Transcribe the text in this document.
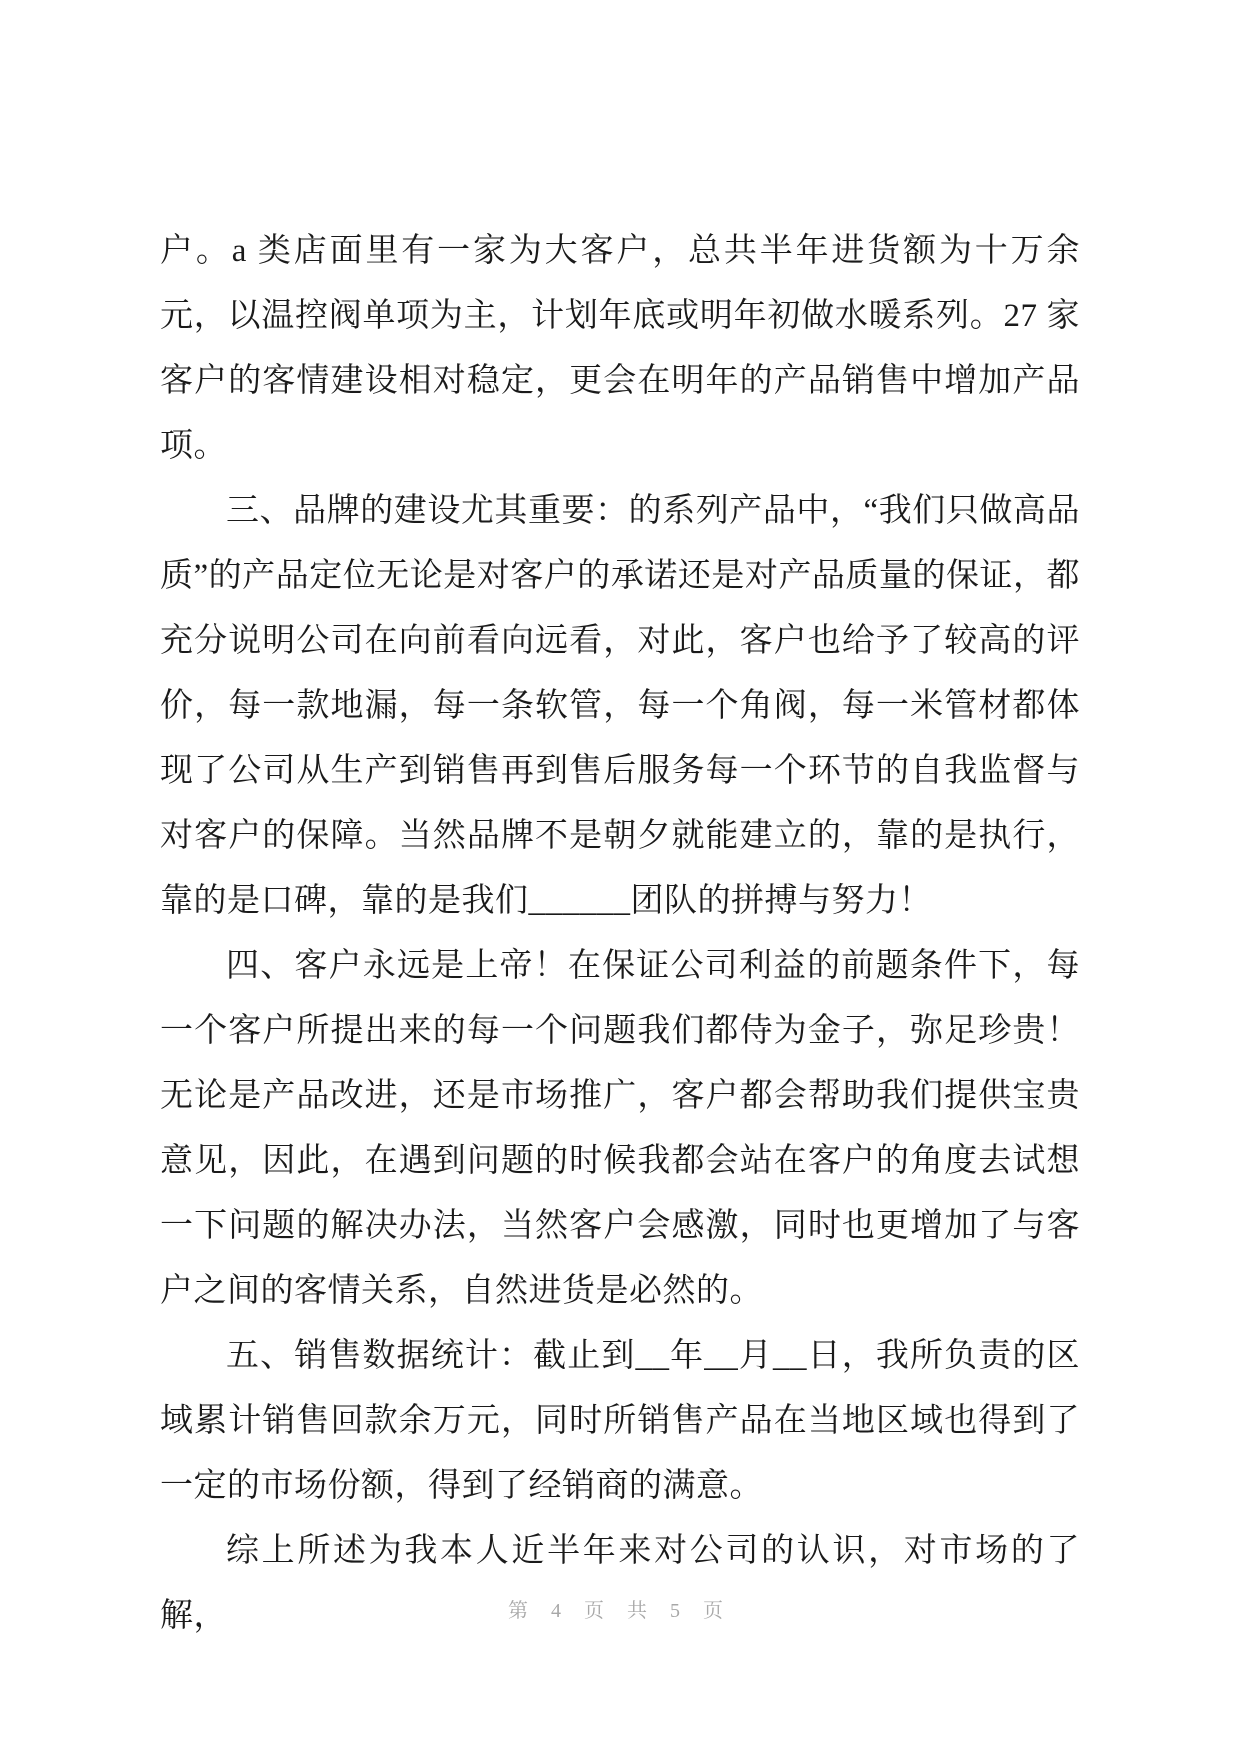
户。a 类店面里有一家为大客户，总共半年进货额为十万余元，以温控阀单项为主，计划年底或明年初做水暖系列。27 家客户的客情建设相对稳定，更会在明年的产品销售中增加产品项。

三、品牌的建设尤其重要：的系列产品中，“我们只做高品质”的产品定位无论是对客户的承诺还是对产品质量的保证，都充分说明公司在向前看向远看，对此，客户也给予了较高的评价，每一款地漏，每一条软管，每一个角阀，每一米管材都体现了公司从生产到销售再到售后服务每一个环节的自我监督与对客户的保障。当然品牌不是朝夕就能建立的，靠的是执行，靠的是口碑，靠的是我们______团队的拼搏与努力！

四、客户永远是上帝！在保证公司利益的前题条件下，每一个客户所提出来的每一个问题我们都侍为金子，弥足珍贵！无论是产品改进，还是市场推广，客户都会帮助我们提供宝贵意见，因此，在遇到问题的时候我都会站在客户的角度去试想一下问题的解决办法，当然客户会感激，同时也更增加了与客户之间的客情关系，自然进货是必然的。

五、销售数据统计：截止到__年__月__日，我所负责的区域累计销售回款余万元，同时所销售产品在当地区域也得到了一定的市场份额，得到了经销商的满意。

综上所述为我本人近半年来对公司的认识，对市场的了解，	第 4 页 共 5 页
